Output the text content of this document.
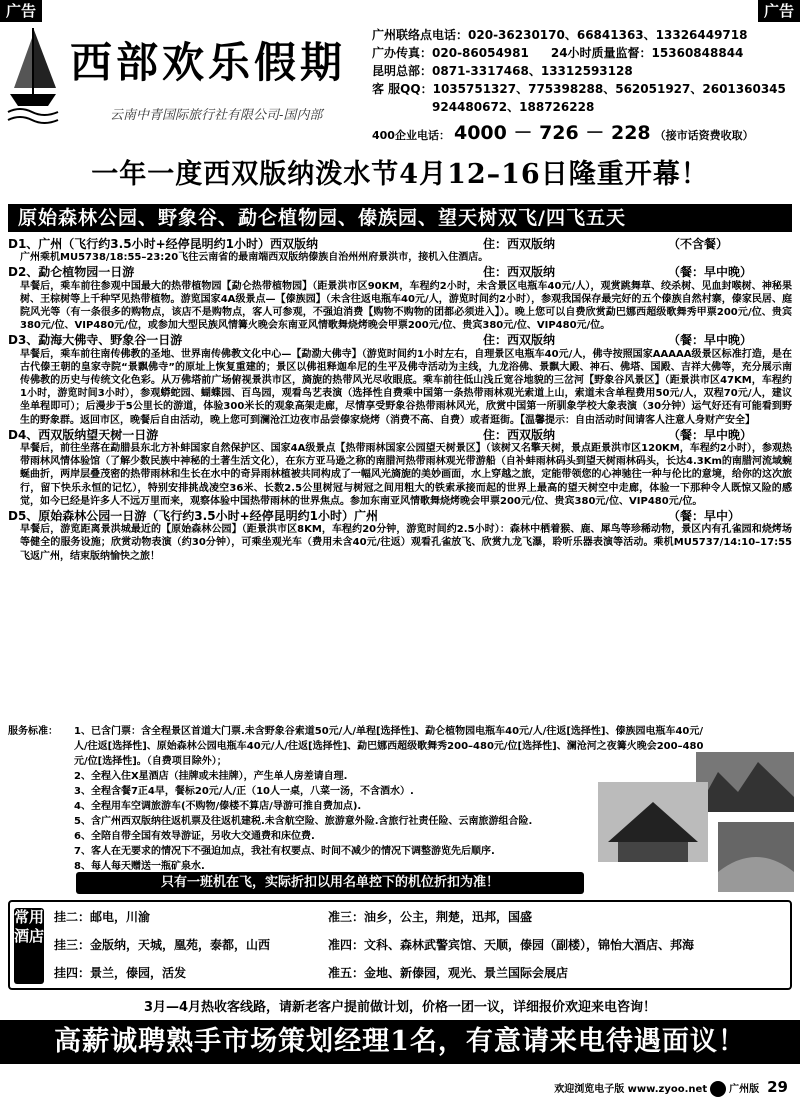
广告	广告
西部欢乐假期
云南中青国际旅行社有限公司-国内部
广州联络点电话：020-36230170、66841363、13326449718
广办传真：020-86054981 24小时质量监督：15360848844
昆明总部：0871-3317468、13312593128
客 服QQ：1035751327、775398288、562051927、2601360345
924480672、188726228
400企业电话： 4000 － 726 － 228 （接市话资费收取）
一年一度西双版纳泼水节4月12–16日隆重开幕！
原始森林公园、野象谷、勐仑植物园、傣族园、望天树双飞/四飞五天
D1、广州（飞行约3.5小时+经停昆明约1小时）西双版纳	住：西双版纳	（不含餐）
广州乘机MU5738/18:55–23:20飞往云南省的最南端西双版纳傣族自治州州府景洪市，接机入住酒店。
D2、勐仑植物园一日游	住：西双版纳	（餐：早中晚）
早餐后，乘车前往参观中国最大的热带植物园【勐仑热带植物园】（距景洪市区90KM，车程约2小时，未含景区电瓶车40元/人），观赏跳舞草、绞杀树、见血封喉树、神秘果树、王棕树等上千种罕见热带植物。游览国家4A级景点—【傣族园】（未含往返电瓶车40元/人，游览时间约2小时），参观我国保存最完好的五个傣族自然村寨，傣家民居、庭院风光等（有一条很多的购物点，该店不是购物点，客人可参观，不强迫消费【购物不购物的团都必须进入】）。晚上您可以自费欣赏勐巴娜西超级歌舞秀甲票200元/位、贵宾380元/位、VIP480元/位，或参加大型民族风情篝火晚会东南亚风情歌舞烧烤晚会甲票200元/位、贵宾380元/位、VIP480元/位。
D3、勐海大佛寺、野象谷一日游	住：西双版纳	（餐：早中晚）
早餐后，乘车前往南传佛教的圣地、世界南传佛教文化中心—【勐泐大佛寺】（游览时间约1小时左右，自理景区电瓶车40元/人，佛寺按照国家AAAAA级景区标准打造，是在古代傣王朝的皇家寺院“景飘佛寺”的原址上恢复重建的；景区以佛祖释迦牟尼的生平及佛寺活动为主线，九龙浴佛、景飘大殿、神石、佛塔、国殿、吉祥大佛等，充分展示南传佛教的历史与传统文化色彩。从万佛塔前广场俯视景洪市区，旖旎的热带风光尽收眼底。乘车前往低山浅丘宽谷地貌的三岔河【野象谷风景区】（距景洪市区47KM，车程约1小时，游览时间3小时），参观蟒蛇园、蝴蝶园、百鸟园，观看鸟艺表演（选择性自费乘中国第一条热带雨林观光索道上山，索道未含单程费用50元/人，双程70元/人，建议坐单程即可）；后漫步于5公里长的游道，体验300米长的观象高架走廊，尽情享受野象谷热带雨林风光，欣赏中国第一所驯象学校大象表演（30分钟）运气好还有可能看到野生的野象群。返回市区，晚餐后自由活动，晚上您可到澜沧江边夜市品尝傣家烧烤（消费不高、自费）或者逛街。【温馨提示：自由活动时间请客人注意人身财产安全】
D4、西双版纳望天树一日游	住：西双版纳	（餐：早中晚）
早餐后，前往坐落在勐腊县东北方补蚌国家自然保护区、国家4A级景点【热带雨林国家公园望天树景区】（该树又名擎天树，景点距景洪市区120KM，车程约2小时），参观热带雨林风情体验馆（了解少数民族中神秘的土著生活文化），在东方亚马逊之称的南腊河热带雨林观光带游船（自补蚌雨林码头到望天树雨林码头，长达4.3Km的南腊河流域蜿蜒曲折，两岸层叠茂密的热带雨林和生长在水中的奇异雨林植被共同构成了一幅风光旖旎的美妙画面，水上穿越之旅，定能带领您的心神驰往一种与伦比的意境，给你的这次旅行，留下快乐永恒的记忆），特别安排挑战凌空36米、长数2.5公里树冠与树冠之间用粗大的铁索承接而起的世界上最高的望天树空中走廊，体验一下那种令人既惊又险的感觉，如今已经是许多人不远万里而来，观察体验中国热带雨林的世界焦点。参加东南亚风情歌舞烧烤晚会甲票200元/位、贵宾380元/位、VIP480元/位。
D5、原始森林公园一日游（飞行约3.5小时+经停昆明约1小时）广州	（餐：早中）
早餐后，游览距离景洪城最近的【原始森林公园】（距景洪市区8KM，车程约20分钟，游览时间约2.5小时）：森林中栖着猴、鹿、犀鸟等珍稀动物，景区内有孔雀园和烧烤场等健全的服务设施；欣赏动物表演（约30分钟），可乘坐观光车（费用未含40元/往返）观看孔雀放飞、欣赏九龙飞瀑，聆听乐器表演等活动。乘机MU5737/14:10–17:55飞返广州，结束版纳愉快之旅！
服务标准：	1、已含门票：含全程景区首道大门票.未含野象谷索道50元/人/单程[选择性]、勐仑植物园电瓶车40元/人/往返[选择性]、傣族园电瓶车40元/人/往返[选择性]、原始森林公园电瓶车40元/人/往返[选择性]、勐巴娜西超级歌舞秀200–480元/位[选择性]、澜沧河之夜篝火晚会200–480元/位[选择性]。（自费项目除外）；
2、全程入住X星酒店（挂牌或未挂牌），产生单人房差请自理.
3、全程含餐7正4早，餐标20元/人/正（10人一桌，八菜一汤，不含酒水）.
4、全程用车空调旅游车(不购物/傣楼不算店/导游可推自费加点).
5、含广州西双版纳往返机票及往返机建税.未含航空险、旅游意外险.含旅行社责任险、云南旅游组合险.
6、全陪自带全国有效导游证，另收大交通费和床位费.
7、客人在无要求的情况下不强迫加点，我社有权要点、时间不减少的情况下调整游览先后顺序.
8、每人每天赠送一瓶矿泉水.
只有一班机在飞，实际折扣以用名单控下的机位折扣为准！
常用酒店
挂二：邮电，川渝	准三：油乡，公主，荆楚，迅邦，国盛
挂三：金版纳，天城，凰苑，泰都，山西	准四：文科、森林武警宾馆、天顺，傣园（副楼），锦怡大酒店、邦海
挂四：景兰，傣园，活发	准五：金地、新傣园，观光、景兰国际会展店
3月—4月热收客线路，请新老客户提前做计划，价格一团一议，详细报价欢迎来电咨询！
高薪诚聘熟手市场策划经理1名，有意请来电待遇面议！
欢迎浏览电子版 www.zyoo.net 广州版 29
